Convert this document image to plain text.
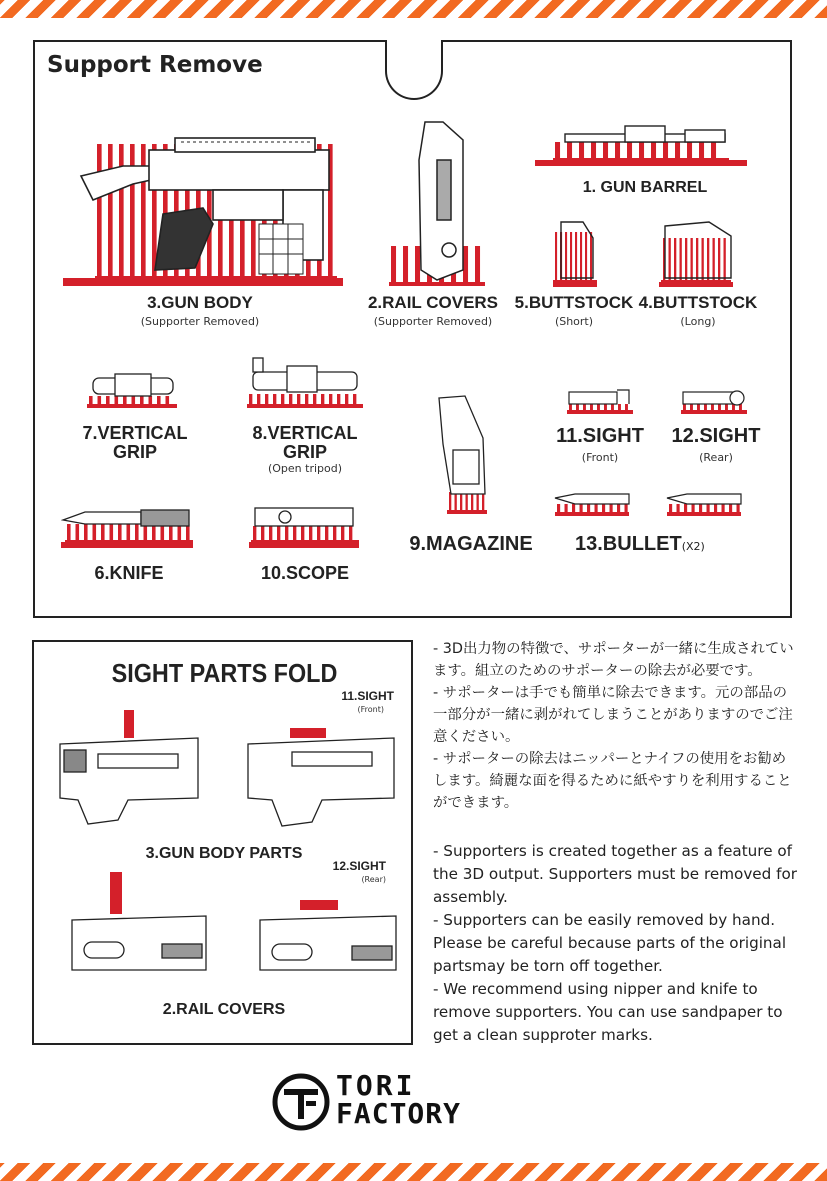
Support Remove
3.GUN BODY
(Supporter Removed)
2.RAIL COVERS
(Supporter Removed)
1. GUN BARREL
5.BUTTSTOCK
(Short)
4.BUTTSTOCK
(Long)
7.VERTICAL
GRIP
8.VERTICAL
GRIP
(Open tripod)
9.MAGAZINE
11.SIGHT
(Front)
12.SIGHT
(Rear)
13.BULLET(X2)
6.KNIFE	10.SCOPE
SIGHT PARTS FOLD
11.SIGHT
(Front)
3.GUN BODY PARTS
12.SIGHT
(Rear)
2.RAIL COVERS

- 3D出力物の特徴で、サポーターが一緒に生成されています。組立のためのサポーターの除去が必要です。

- サポーターは手でも簡単に除去できます。元の部品の一部分が一緒に剥がれてしまうことがありますのでご注意ください。

- サポーターの除去はニッパーとナイフの使用をお勧めします。綺麗な面を得るために紙やすりを利用することができます。

- Supporters is created together as a feature of the 3D output. Supporters must be removed for assembly.

- Supporters can be easily removed by hand. Please be careful because parts of the original partsmay be torn off together.

- We recommend using nipper and knife to remove supporters. You can use sandpaper to get a clean supproter marks.

TORI
FACTORY
